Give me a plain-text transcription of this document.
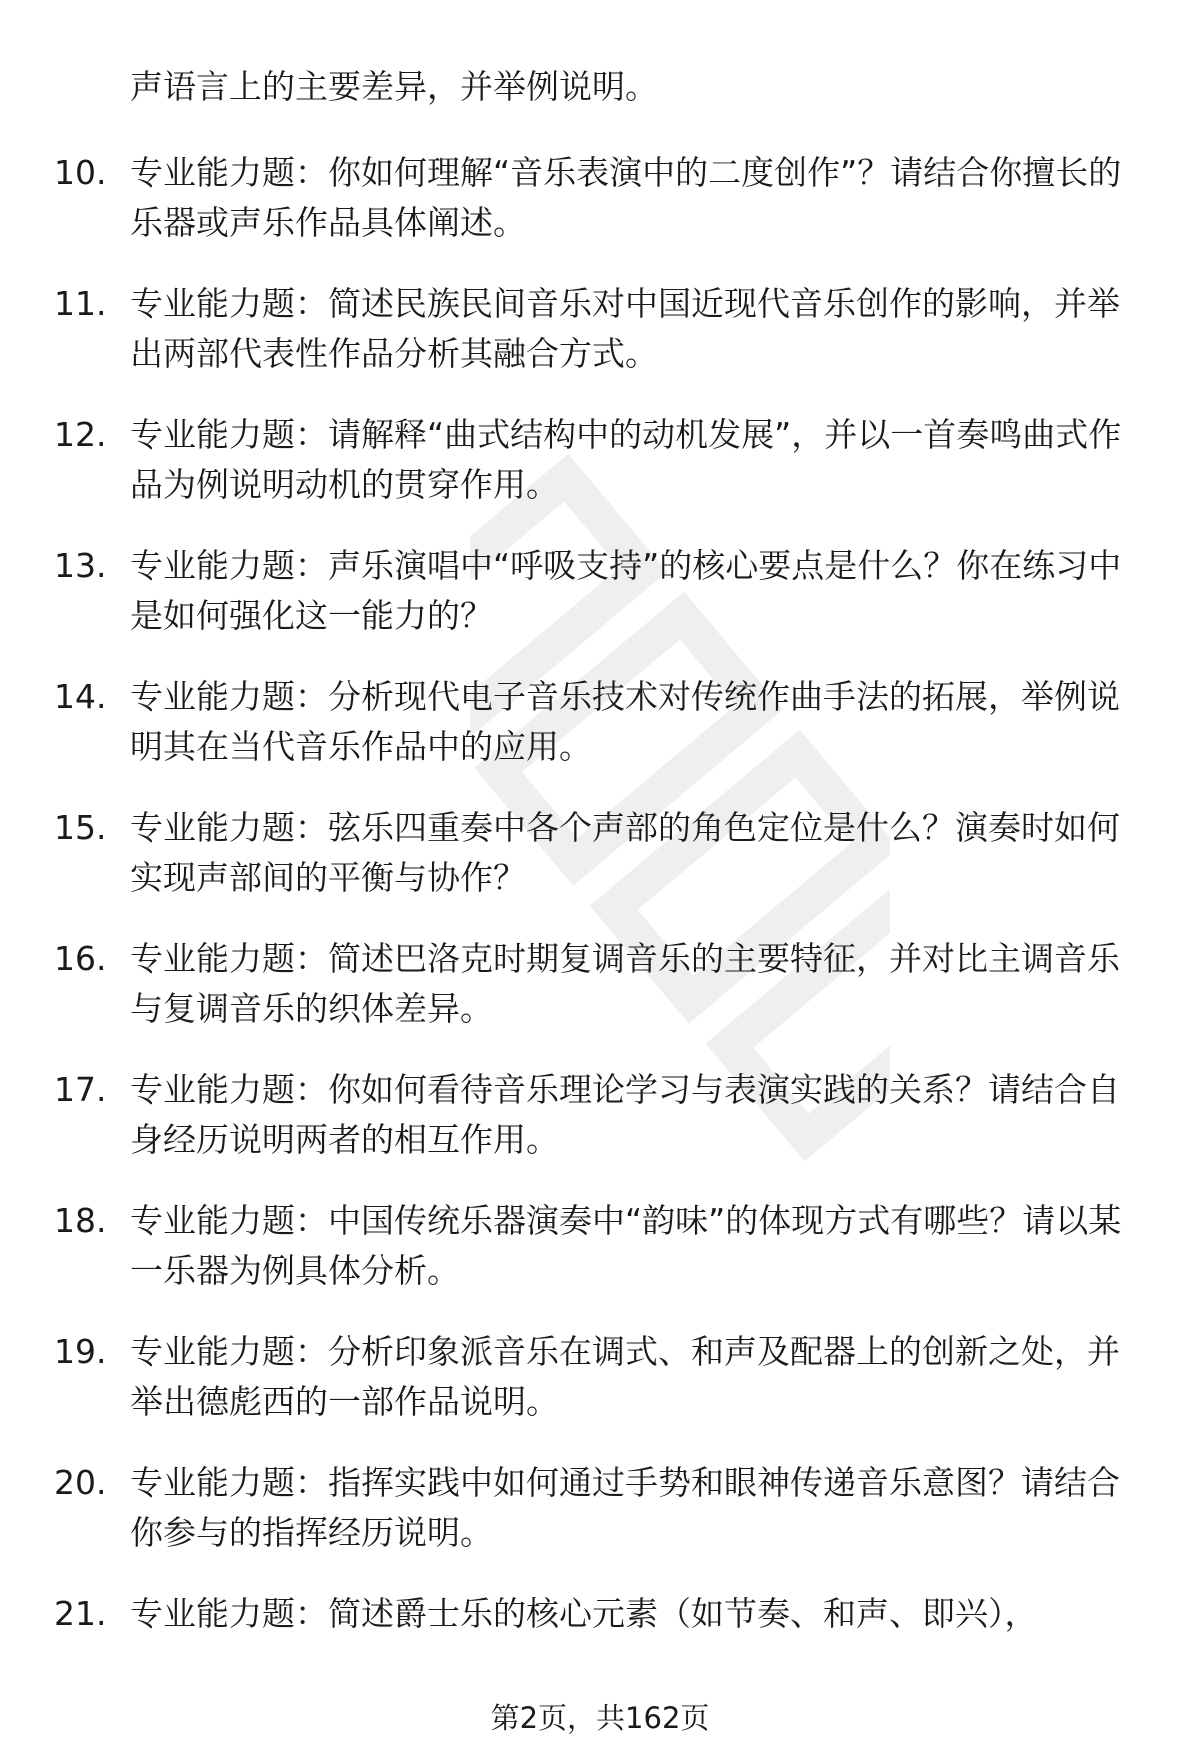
声语言上的主要差异，并举例说明。
10. 专业能力题：你如何理解“音乐表演中的二度创作”？请结合你擅长的乐器或声乐作品具体阐述。
11. 专业能力题：简述民族民间音乐对中国近现代音乐创作的影响，并举出两部代表性作品分析其融合方式。
12. 专业能力题：请解释“曲式结构中的动机发展”，并以一首奏鸣曲式作品为例说明动机的贯穿作用。
13. 专业能力题：声乐演唱中“呼吸支持”的核心要点是什么？你在练习中是如何强化这一能力的？
14. 专业能力题：分析现代电子音乐技术对传统作曲手法的拓展，举例说明其在当代音乐作品中的应用。
15. 专业能力题：弦乐四重奏中各个声部的角色定位是什么？演奏时如何实现声部间的平衡与协作？
16. 专业能力题：简述巴洛克时期复调音乐的主要特征，并对比主调音乐与复调音乐的织体差异。
17. 专业能力题：你如何看待音乐理论学习与表演实践的关系？请结合自身经历说明两者的相互作用。
18. 专业能力题：中国传统乐器演奏中“韵味”的体现方式有哪些？请以某一乐器为例具体分析。
19. 专业能力题：分析印象派音乐在调式、和声及配器上的创新之处，并举出德彪西的一部作品说明。
20. 专业能力题：指挥实践中如何通过手势和眼神传递音乐意图？请结合你参与的指挥经历说明。
21. 专业能力题：简述爵士乐的核心元素（如节奏、和声、即兴），
第2页，共162页
